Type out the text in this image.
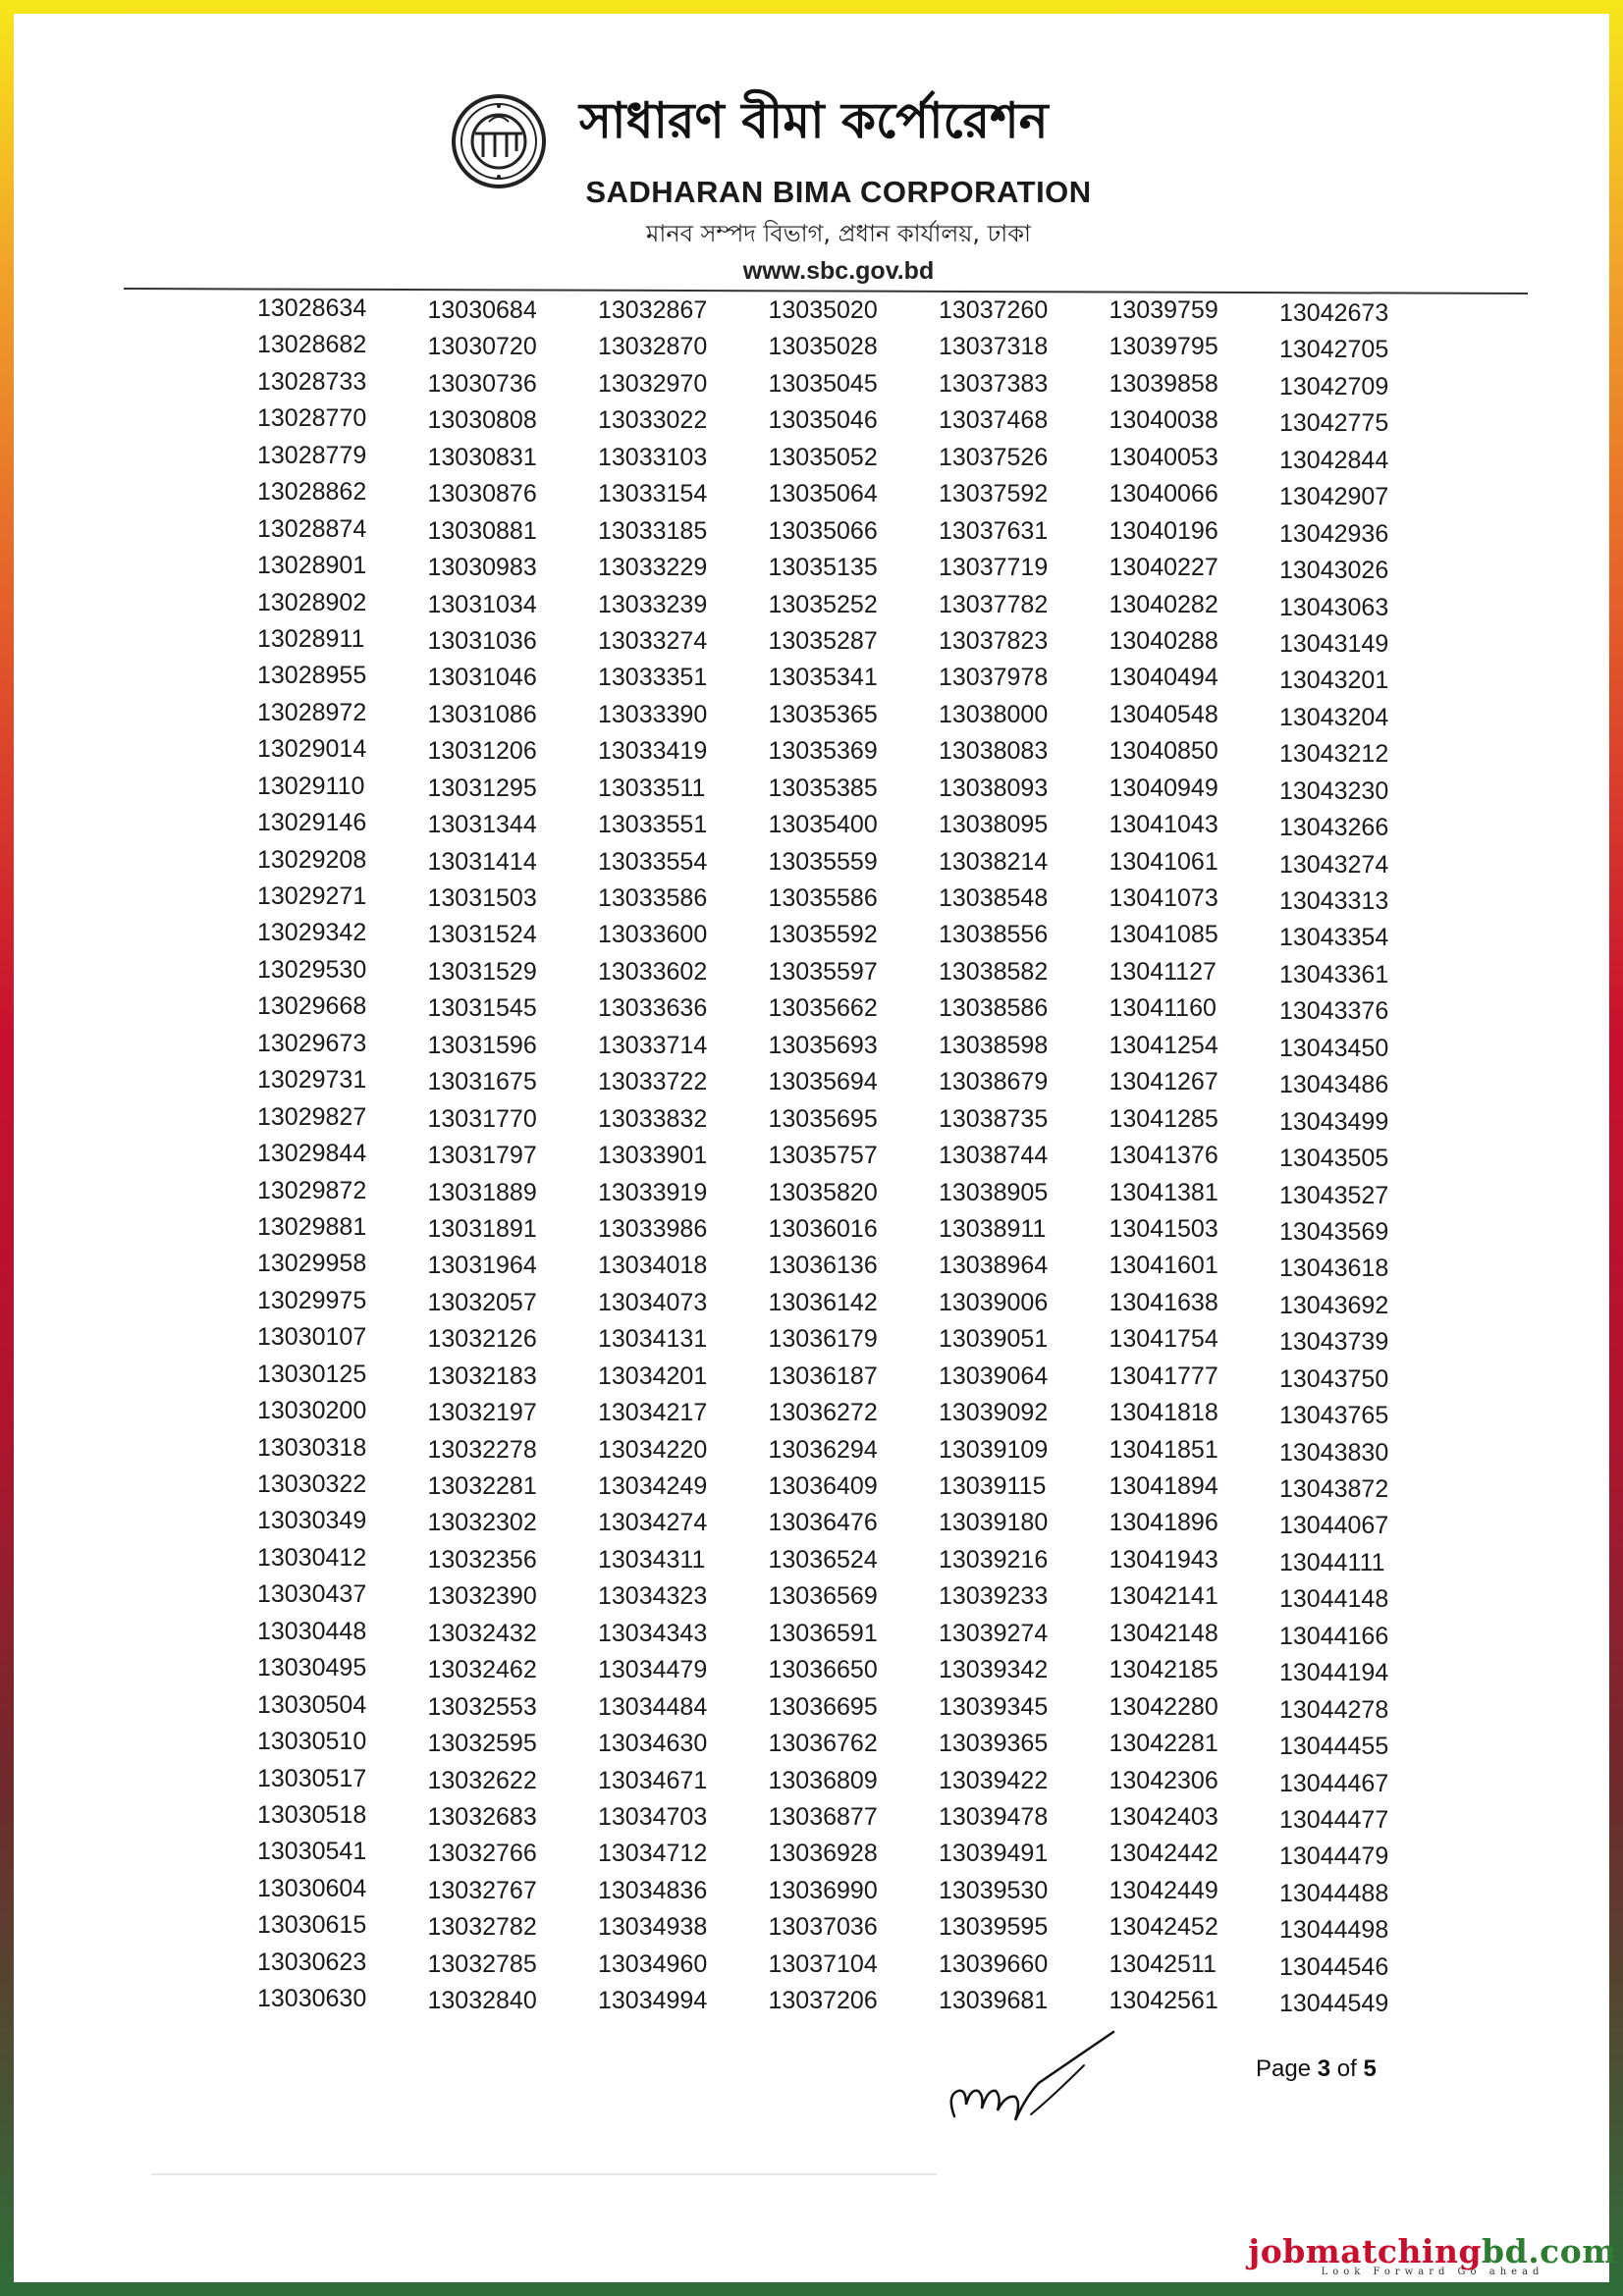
সাধারণ বীমা কর্পোরেশন
SADHARAN BIMA CORPORATION
মানব সম্পদ বিভাগ, প্রধান কার্যালয়, ঢাকা
www.sbc.gov.bd
13028634
13028682
13028733
13028770
13028779
13028862
13028874
13028901
13028902
13028911
13028955
13028972
13029014
13029110
13029146
13029208
13029271
13029342
13029530
13029668
13029673
13029731
13029827
13029844
13029872
13029881
13029958
13029975
13030107
13030125
13030200
13030318
13030322
13030349
13030412
13030437
13030448
13030495
13030504
13030510
13030517
13030518
13030541
13030604
13030615
13030623
13030630
13030684
13030720
13030736
13030808
13030831
13030876
13030881
13030983
13031034
13031036
13031046
13031086
13031206
13031295
13031344
13031414
13031503
13031524
13031529
13031545
13031596
13031675
13031770
13031797
13031889
13031891
13031964
13032057
13032126
13032183
13032197
13032278
13032281
13032302
13032356
13032390
13032432
13032462
13032553
13032595
13032622
13032683
13032766
13032767
13032782
13032785
13032840
13032867
13032870
13032970
13033022
13033103
13033154
13033185
13033229
13033239
13033274
13033351
13033390
13033419
13033511
13033551
13033554
13033586
13033600
13033602
13033636
13033714
13033722
13033832
13033901
13033919
13033986
13034018
13034073
13034131
13034201
13034217
13034220
13034249
13034274
13034311
13034323
13034343
13034479
13034484
13034630
13034671
13034703
13034712
13034836
13034938
13034960
13034994
13035020
13035028
13035045
13035046
13035052
13035064
13035066
13035135
13035252
13035287
13035341
13035365
13035369
13035385
13035400
13035559
13035586
13035592
13035597
13035662
13035693
13035694
13035695
13035757
13035820
13036016
13036136
13036142
13036179
13036187
13036272
13036294
13036409
13036476
13036524
13036569
13036591
13036650
13036695
13036762
13036809
13036877
13036928
13036990
13037036
13037104
13037206
13037260
13037318
13037383
13037468
13037526
13037592
13037631
13037719
13037782
13037823
13037978
13038000
13038083
13038093
13038095
13038214
13038548
13038556
13038582
13038586
13038598
13038679
13038735
13038744
13038905
13038911
13038964
13039006
13039051
13039064
13039092
13039109
13039115
13039180
13039216
13039233
13039274
13039342
13039345
13039365
13039422
13039478
13039491
13039530
13039595
13039660
13039681
13039759
13039795
13039858
13040038
13040053
13040066
13040196
13040227
13040282
13040288
13040494
13040548
13040850
13040949
13041043
13041061
13041073
13041085
13041127
13041160
13041254
13041267
13041285
13041376
13041381
13041503
13041601
13041638
13041754
13041777
13041818
13041851
13041894
13041896
13041943
13042141
13042148
13042185
13042280
13042281
13042306
13042403
13042442
13042449
13042452
13042511
13042561
13042673
13042705
13042709
13042775
13042844
13042907
13042936
13043026
13043063
13043149
13043201
13043204
13043212
13043230
13043266
13043274
13043313
13043354
13043361
13043376
13043450
13043486
13043499
13043505
13043527
13043569
13043618
13043692
13043739
13043750
13043765
13043830
13043872
13044067
13044111
13044148
13044166
13044194
13044278
13044455
13044467
13044477
13044479
13044488
13044498
13044546
13044549
Page 3 of 5
jobmatchingbd.com
Look Forward Go ahead
